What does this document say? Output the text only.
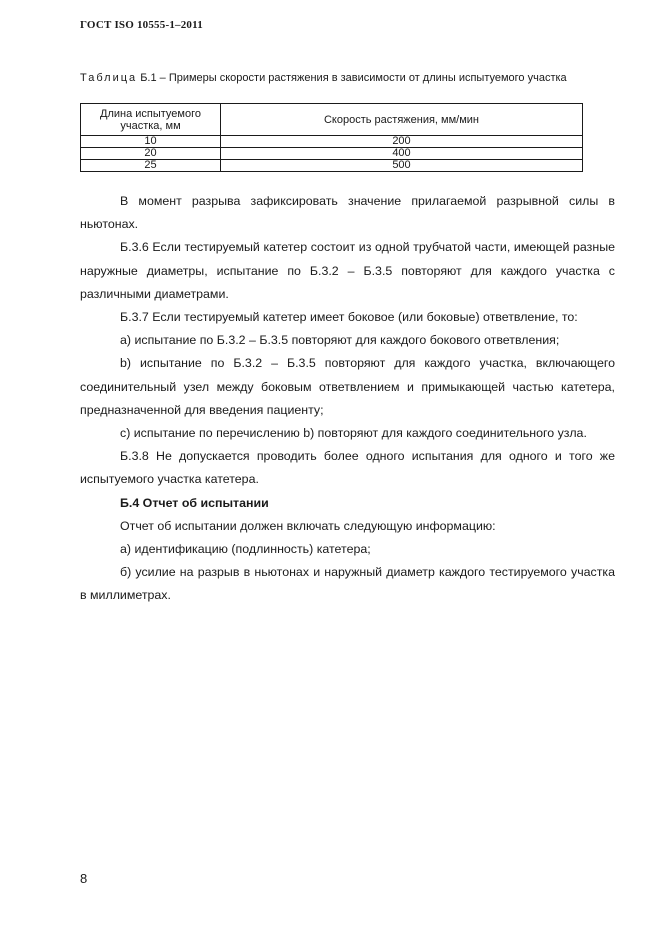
ГОСТ ISO 10555-1–2011
Таблица Б.1 – Примеры скорости растяжения в зависимости от длины испытуемого участка
Длина испытуемого участка, мм	Скорость растяжения, мм/мин
10	200
20	400
25	500

В момент разрыва зафиксировать значение прилагаемой разрывной силы в ньютонах.

Б.3.6 Если тестируемый катетер состоит из одной трубчатой части, имеющей разные наружные диаметры, испытание по Б.3.2 – Б.3.5 повторяют для каждого участка с различными диаметрами.

Б.3.7 Если тестируемый катетер имеет боковое (или боковые) ответвление, то:

a) испытание по Б.3.2 – Б.3.5 повторяют для каждого бокового ответвления;

b) испытание по Б.3.2 – Б.3.5 повторяют для каждого участка, включающего соединительный узел между боковым ответвлением и примыкающей частью катетера, предназначенной для введения пациенту;

c) испытание по перечислению b) повторяют для каждого соединительного узла.

Б.3.8 Не допускается проводить более одного испытания для одного и того же испытуемого участка катетера.

Б.4 Отчет об испытании

Отчет об испытании должен включать следующую информацию:

а) идентификацию (подлинность) катетера;

б) усилие на разрыв в ньютонах и наружный диаметр каждого тестируемого участка в миллиметрах.

8
